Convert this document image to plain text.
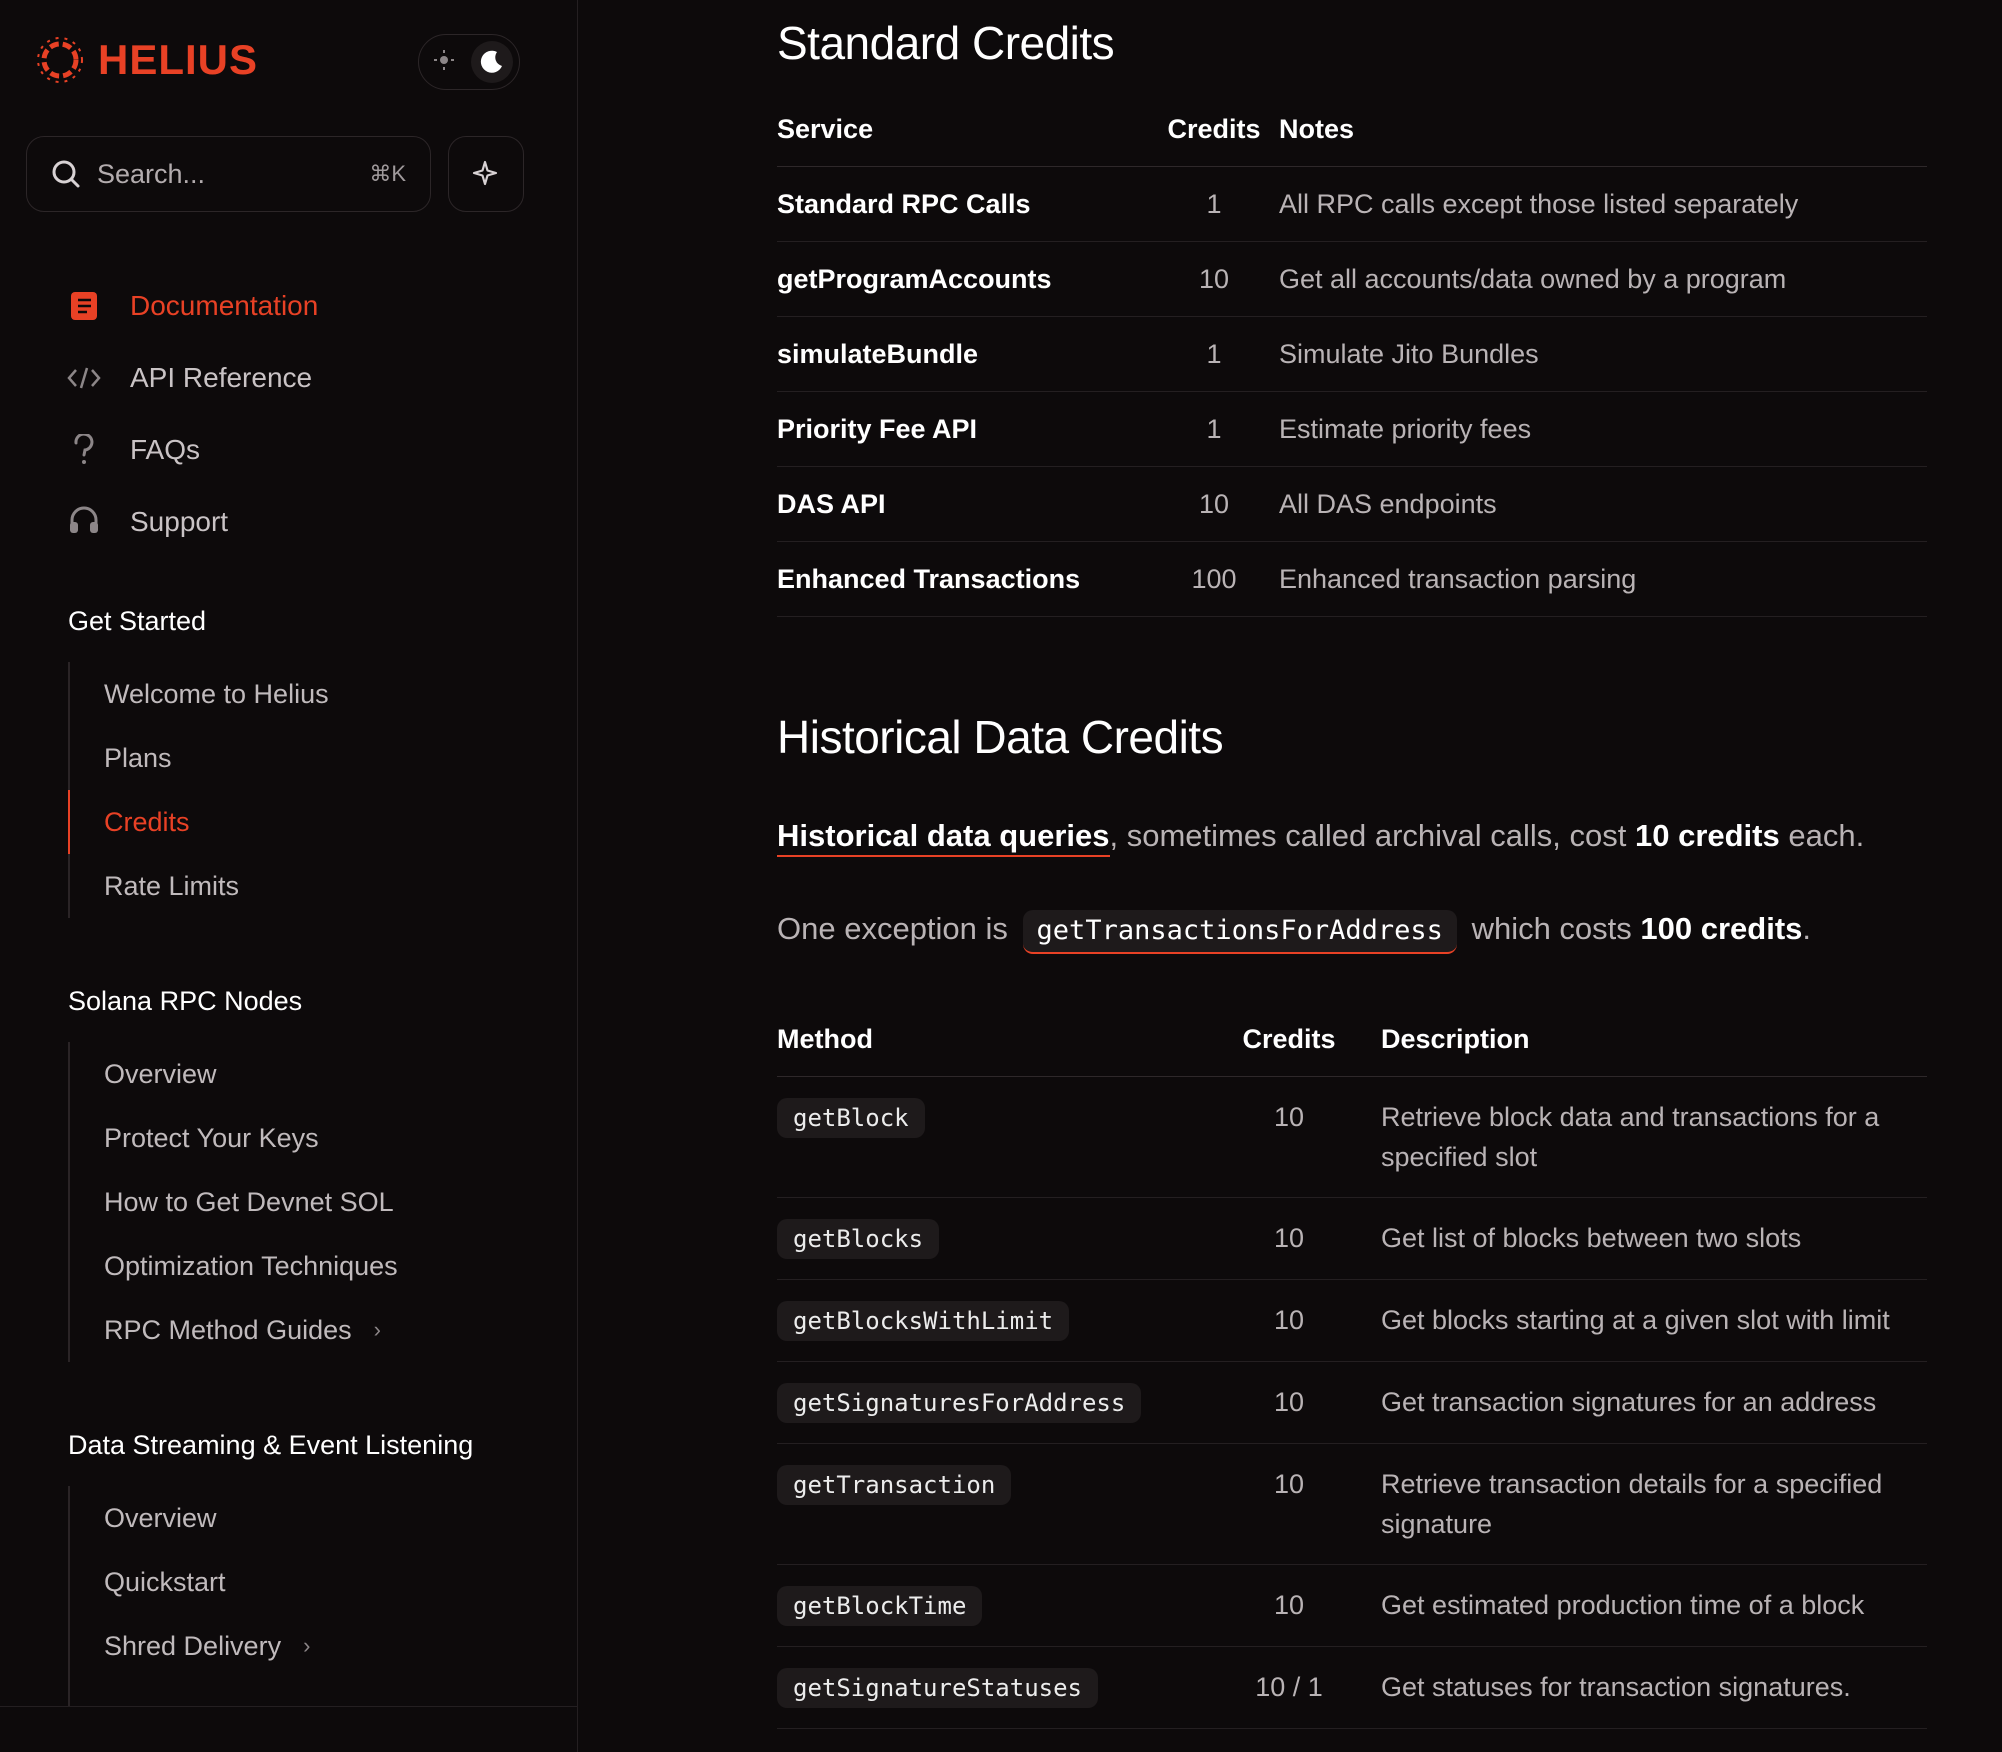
HELIUS
Search...	⌘K
Documentation
API Reference
FAQs
Support
Get Started
Welcome to Helius
Plans
Credits
Rate Limits
Solana RPC Nodes
Overview
Protect Your Keys
How to Get Devnet SOL
Optimization Techniques
RPC Method Guides ›
Data Streaming & Event Listening
Overview
Quickstart
Shred Delivery ›
Standard Credits
Service	Credits	Notes
Standard RPC Calls	1	All RPC calls except those listed separately
getProgramAccounts	10	Get all accounts/data owned by a program
simulateBundle	1	Simulate Jito Bundles
Priority Fee API	1	Estimate priority fees
DAS API	10	All DAS endpoints
Enhanced Transactions	100	Enhanced transaction parsing
Historical Data Credits
Historical data queries, sometimes called archival calls, cost 10 credits each.
One exception is getTransactionsForAddress which costs 100 credits.
Method	Credits	Description
getBlock	10	Retrieve block data and transactions for a specified slot
getBlocks	10	Get list of blocks between two slots
getBlocksWithLimit	10	Get blocks starting at a given slot with limit
getSignaturesForAddress	10	Get transaction signatures for an address
getTransaction	10	Retrieve transaction details for a specified signature
getBlockTime	10	Get estimated production time of a block
getSignatureStatuses	10 / 1	Get statuses for transaction signatures.
